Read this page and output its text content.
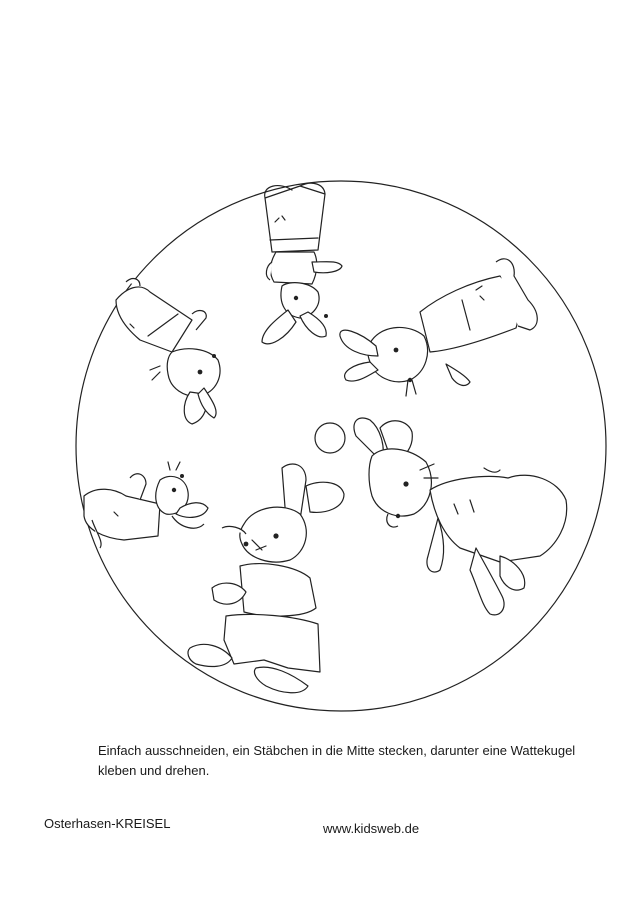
Einfach ausschneiden, ein Stäbchen in die Mitte stecken, darunter eine Wattekugel
kleben und drehen.
Osterhasen-KREISEL	www.kidsweb.de
